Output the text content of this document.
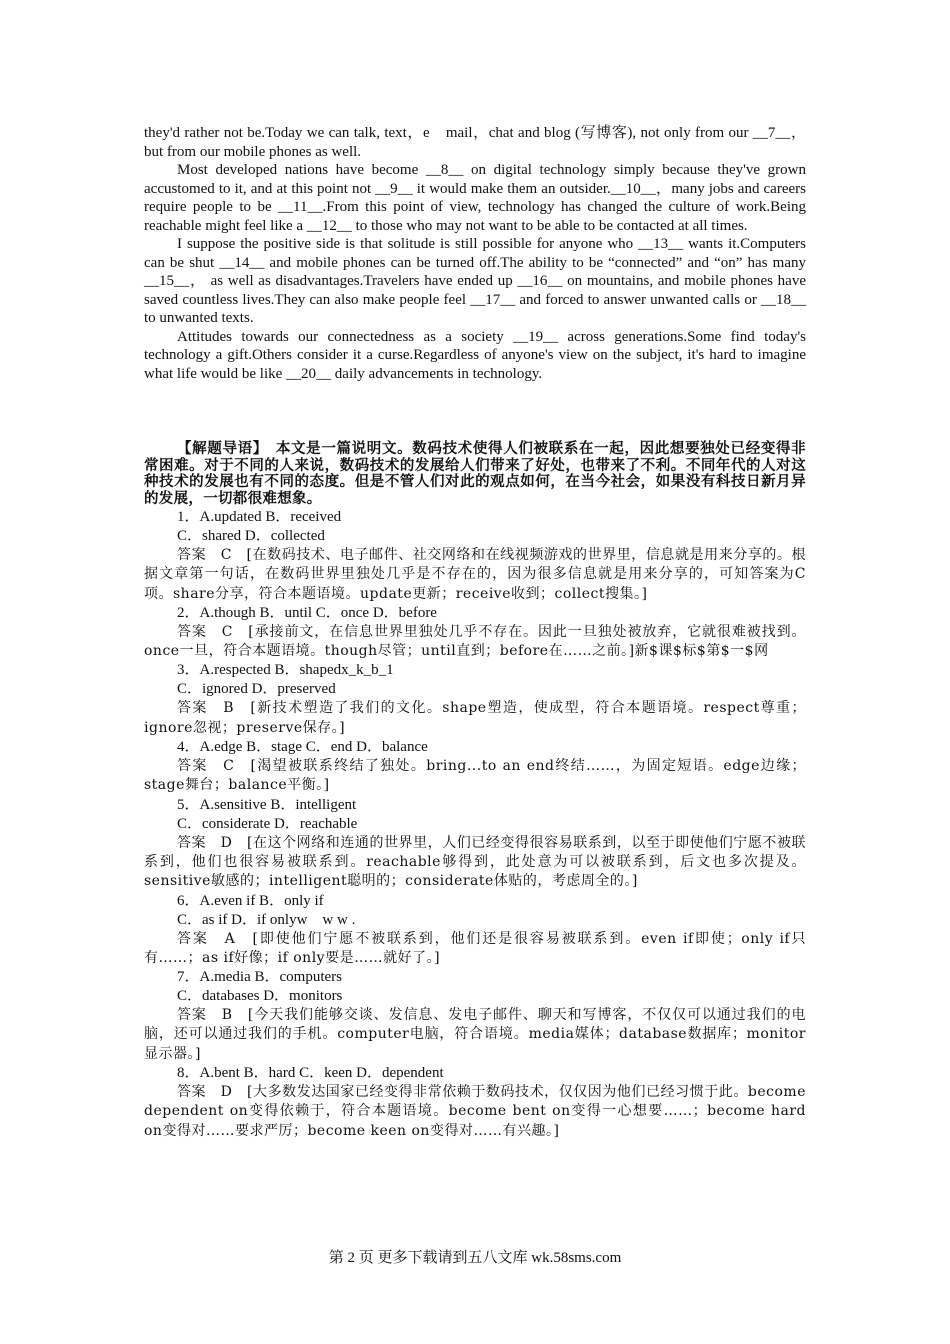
they'd rather not be.Today we can talk, text，e　mail，chat and blog (写博客), not only from our __7__， but from our mobile phones as well.

Most developed nations have become __8__ on digital technology simply because they've grown accustomed to it, and at this point not __9__ it would make them an outsider.__10__，many jobs and careers require people to be __11__.From this point of view, technology has changed the culture of work.Being reachable might feel like a __12__ to those who may not want to be able to be contacted at all times.

I suppose the positive side is that solitude is still possible for anyone who __13__ wants it.Computers can be shut __14__ and mobile phones can be turned off.The ability to be “connected” and “on” has many __15__， as well as disadvantages.Travelers have ended up __16__ on mountains, and mobile phones have saved countless lives.They can also make people feel __17__ and forced to answer unwanted calls or __18__ to unwanted texts.

Attitudes towards our connectedness as a society __19__ across generations.Some find today's technology a gift.Others consider it a curse.Regardless of anyone's view on the subject, it's hard to imagine what life would be like __20__ daily advancements in technology.

【解题导语】　本文是一篇说明文。数码技术使得人们被联系在一起，因此想要独处已经变得非常困难。对于不同的人来说，数码技术的发展给人们带来了好处，也带来了不利。不同年代的人对这种技术的发展也有不同的态度。但是不管人们对此的观点如何，在当今社会，如果没有科技日新月异的发展，一切都很难想象。

1．A.updated B．received

C．shared D．collected

答案　C　[在数码技术、电子邮件、社交网络和在线视频游戏的世界里，信息就是用来分享的。根据文章第一句话，在数码世界里独处几乎是不存在的，因为很多信息就是用来分享的，可知答案为C项。share分享，符合本题语境。update更新；receive收到；collect搜集。]

2．A.though B．until C．once D．before

答案　C　[承接前文，在信息世界里独处几乎不存在。因此一旦独处被放弃，它就很难被找到。once一旦，符合本题语境。though尽管；until直到；before在……之前。]新$课$标$第$一$网

3．A.respected B．shapedx_k_b_1

C．ignored D．preserved

答案　B　[新技术塑造了我们的文化。shape塑造，使成型，符合本题语境。respect尊重；ignore忽视；preserve保存。]

4．A.edge B．stage C．end D．balance

答案　C　[渴望被联系终结了独处。bring...to an end终结……，为固定短语。edge边缘；stage舞台；balance平衡。]

5．A.sensitive B．intelligent

C．considerate D．reachable

答案　D　[在这个网络和连通的世界里，人们已经变得很容易联系到，以至于即使他们宁愿不被联系到，他们也很容易被联系到。reachable够得到，此处意为可以被联系到，后文也多次提及。sensitive敏感的；intelligent聪明的；considerate体贴的，考虑周全的。]

6．A.even if B．only if

C．as if D．if onlyw　w w .

答案　A　[即使他们宁愿不被联系到，他们还是很容易被联系到。even if即使；only if只有……；as if好像；if only要是……就好了。]

7．A.media B．computers

C．databases D．monitors

答案　B　[今天我们能够交谈、发信息、发电子邮件、聊天和写博客，不仅仅可以通过我们的电脑，还可以通过我们的手机。computer电脑，符合语境。media媒体；database数据库；monitor显示器。]

8．A.bent B．hard C．keen D．dependent

答案　D　[大多数发达国家已经变得非常依赖于数码技术，仅仅因为他们已经习惯于此。become dependent on变得依赖于，符合本题语境。become bent on变得一心想要……；become hard on变得对……要求严厉；become keen on变得对……有兴趣。]

第 2 页 更多下载请到五八文库 wk.58sms.com
